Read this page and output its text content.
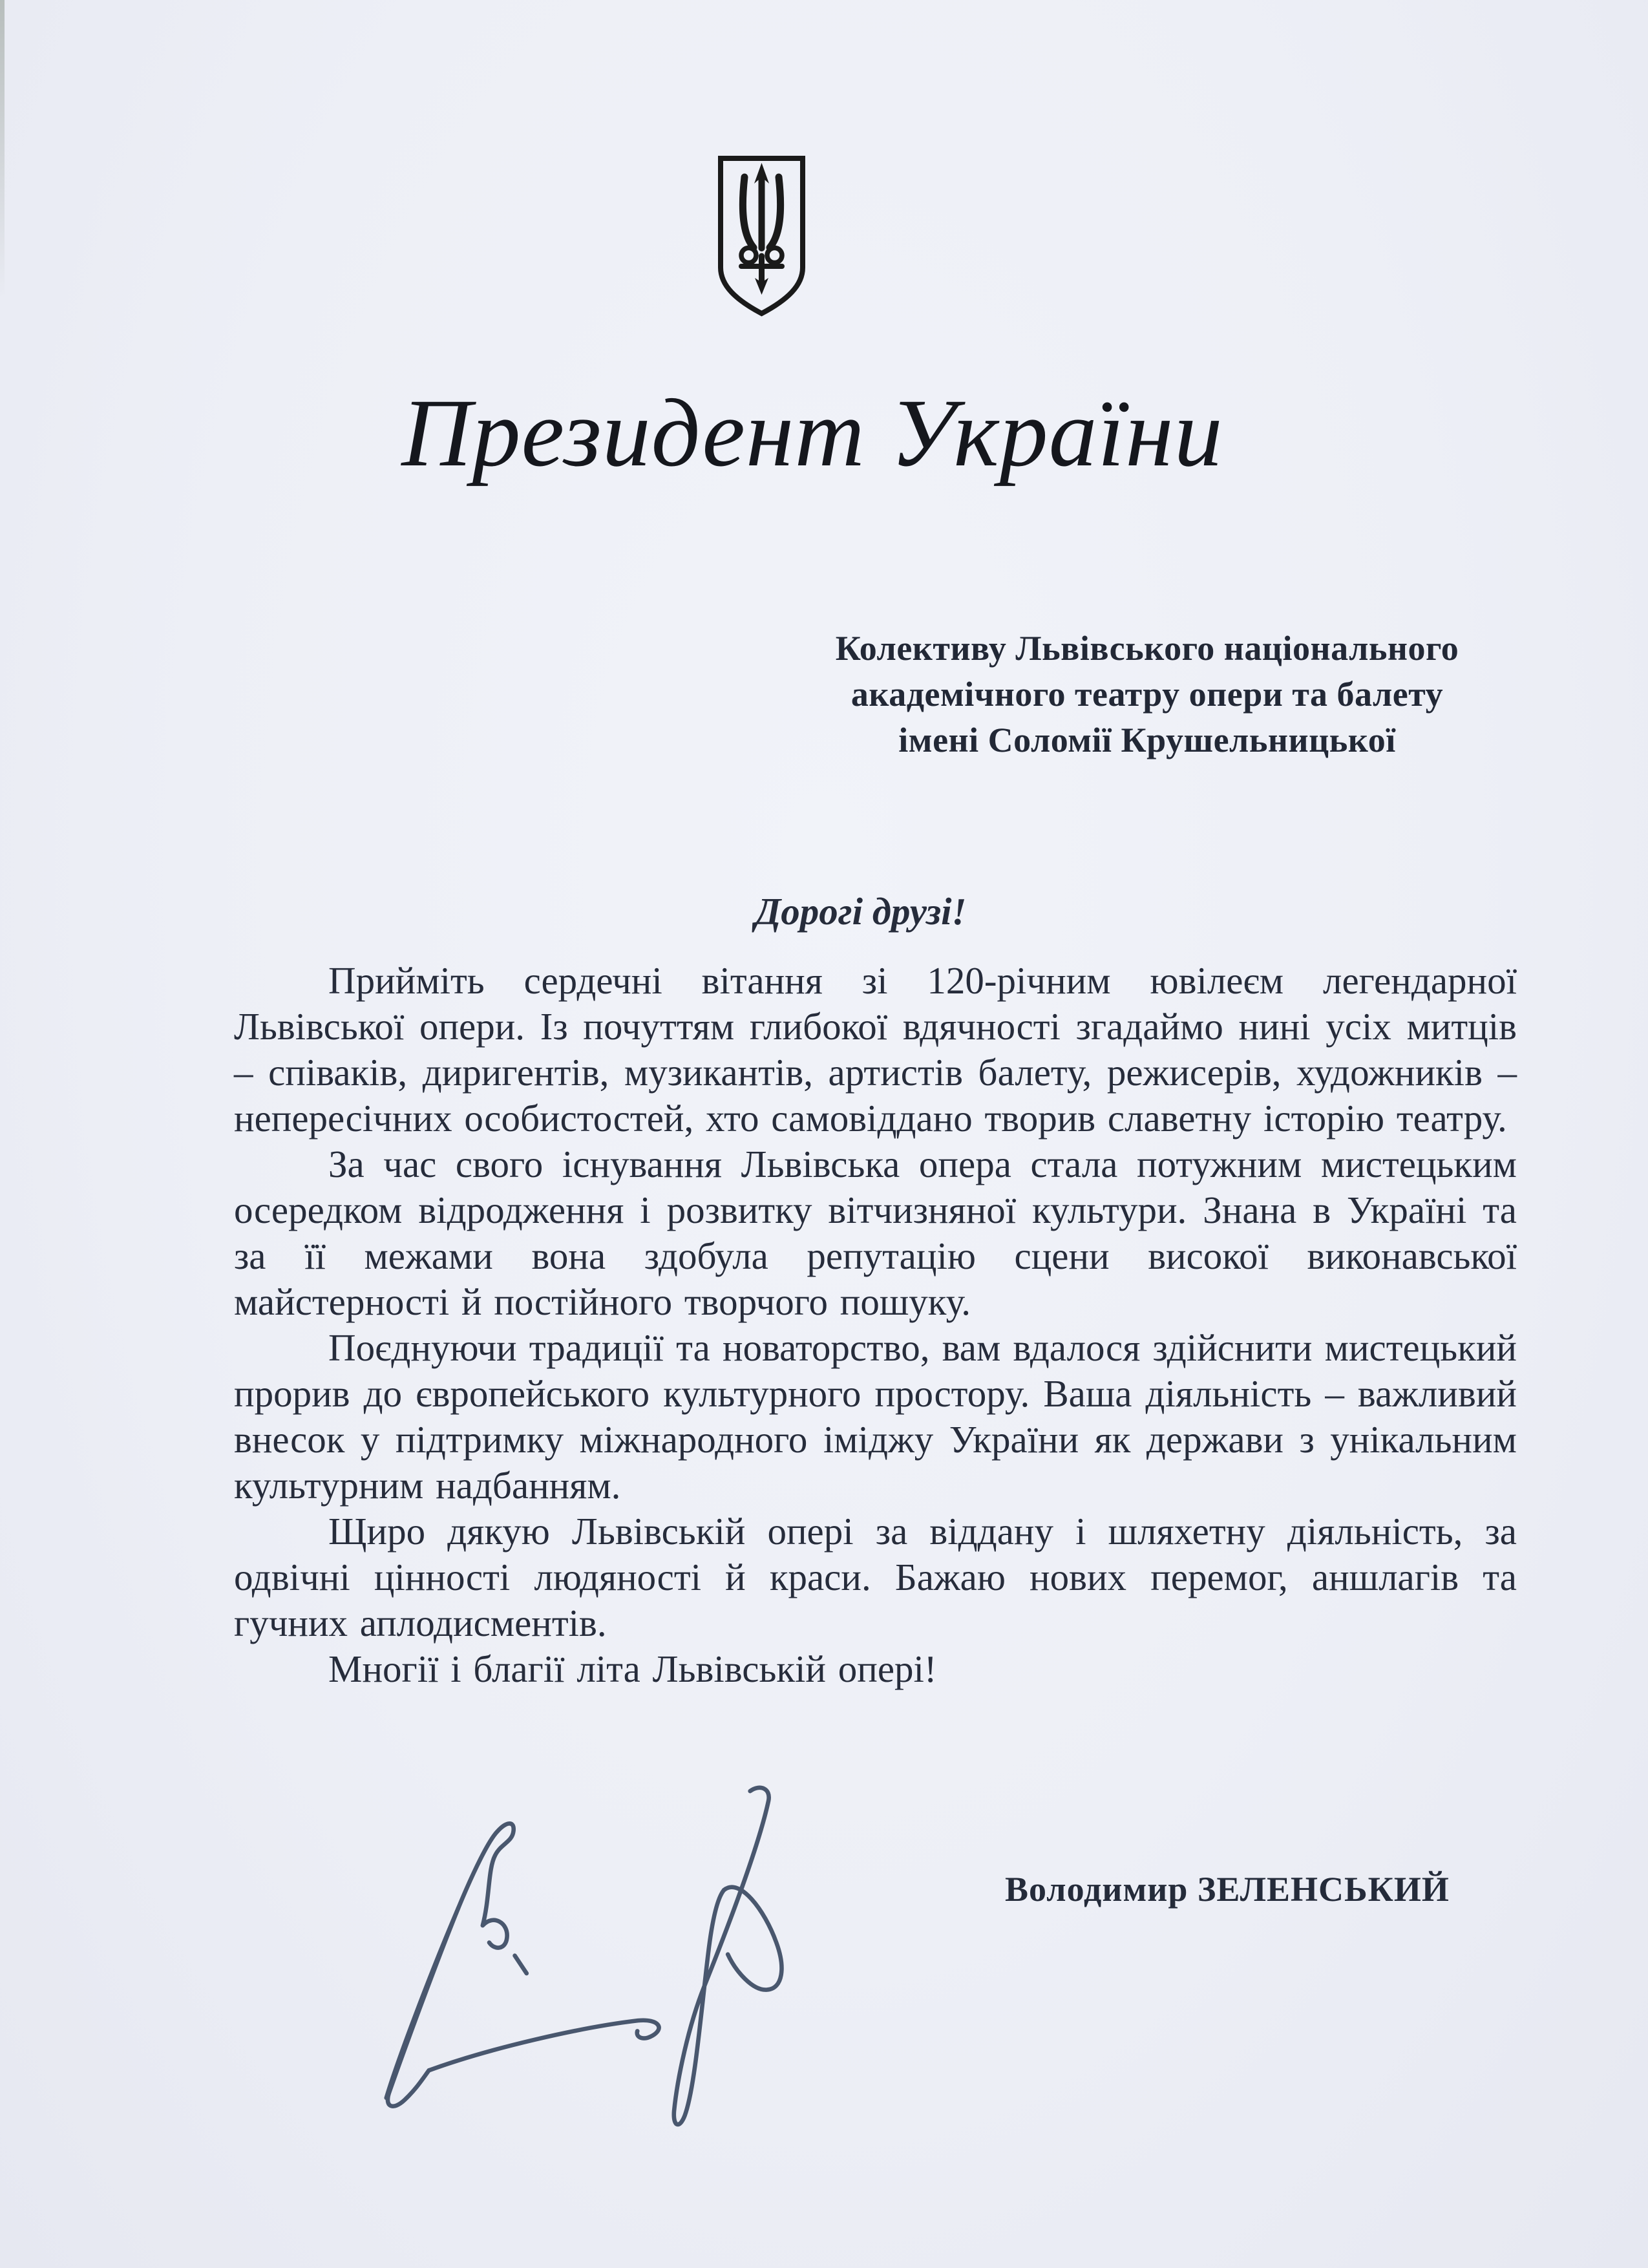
Президент України
Колективу Львівського національного
академічного театру опери та балету
імені Соломії Крушельницької
Дорогі друзі!

Прийміть сердечні вітання зі 120-річним ювілеєм легендарної Львівської опери. Із почуттям глибокої вдячності згадаймо нині усіх митців – співаків, диригентів, музикантів, артистів балету, режисерів, художників – непересічних особистостей, хто самовіддано творив славетну історію театру.

За час свого існування Львівська опера стала потужним мистецьким осередком відродження і розвитку вітчизняної культури. Знана в Україні та за її межами вона здобула репутацію сцени високої виконавської майстерності й постійного творчого пошуку.

Поєднуючи традиції та новаторство, вам вдалося здійснити мистецький прорив до європейського культурного простору. Ваша діяльність – важливий внесок у підтримку міжнародного іміджу України як держави з унікальним культурним надбанням.

Щиро дякую Львівській опері за віддану і шляхетну діяльність, за одвічні цінності людяності й краси. Бажаю нових перемог, аншлагів та гучних аплодисментів.

Многії і благії літа Львівській опері!

Володимир ЗЕЛЕНСЬКИЙ
